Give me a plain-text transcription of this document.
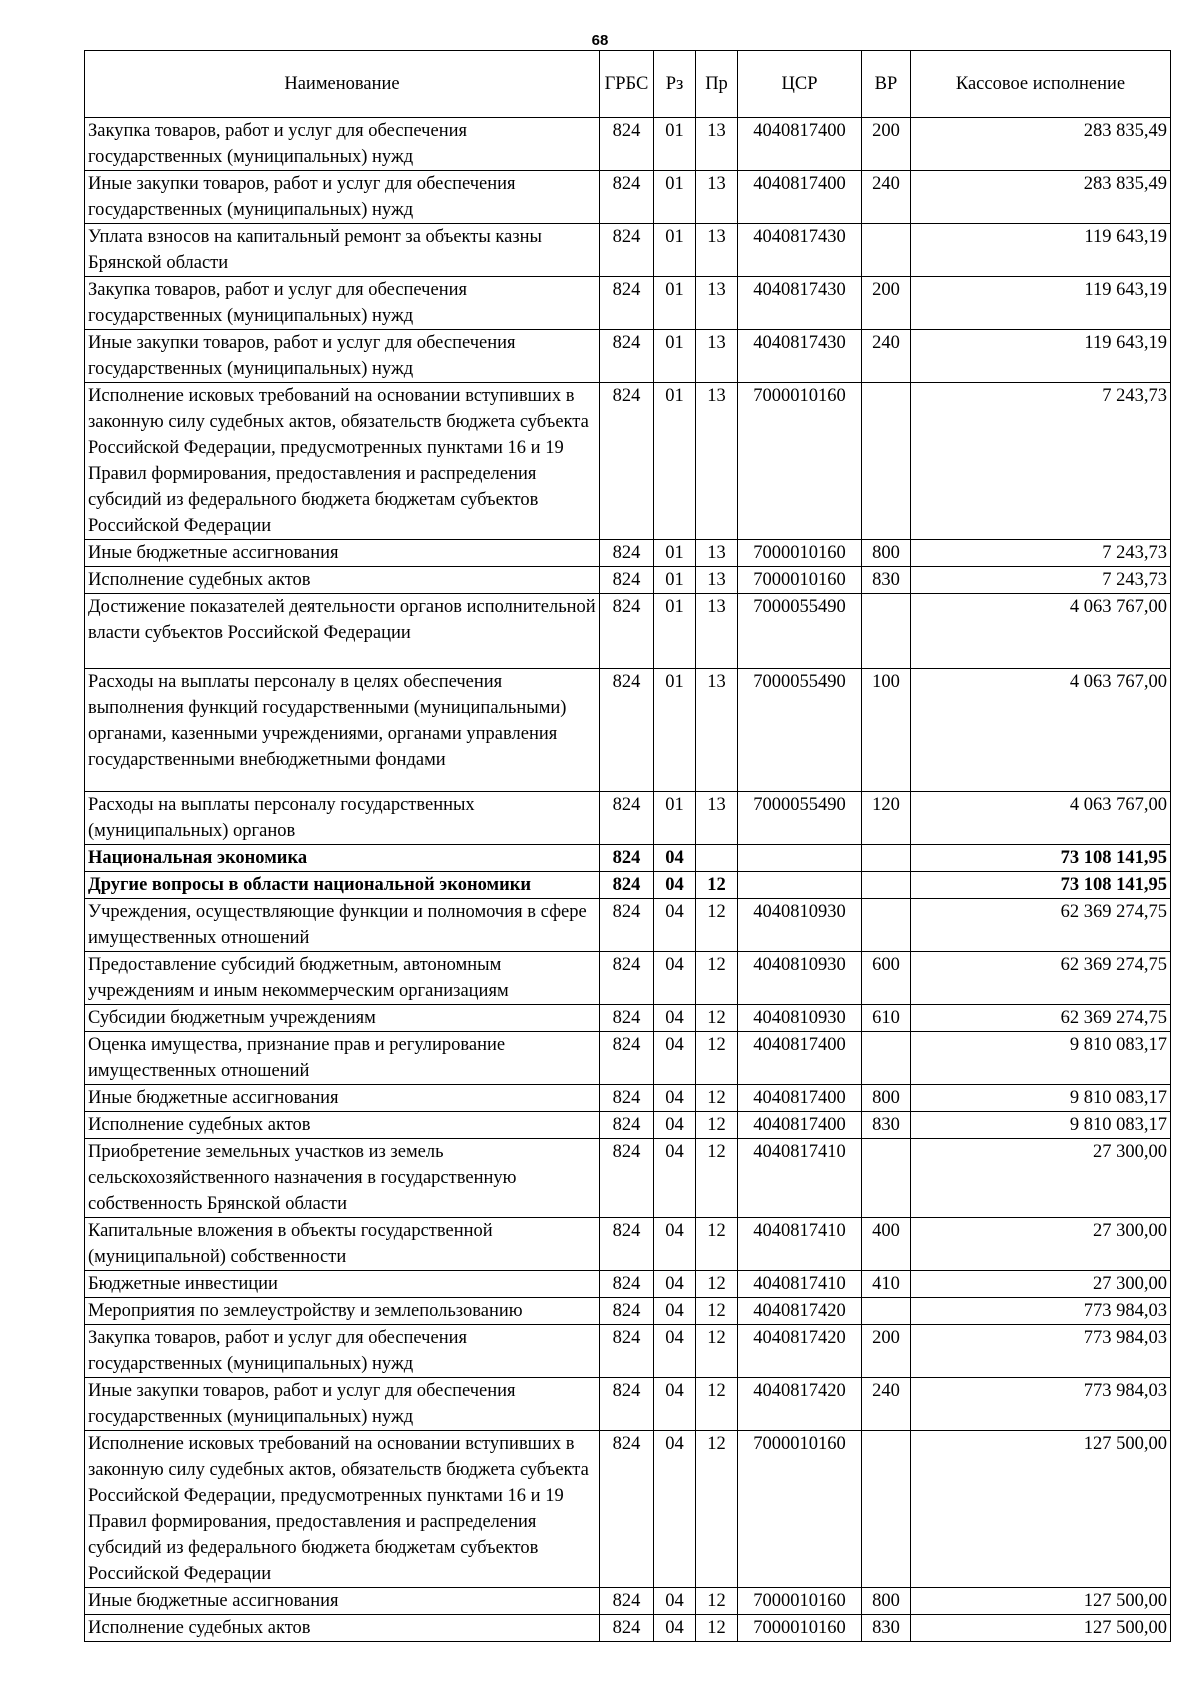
68
Наименование	ГРБС	Рз	Пр	ЦСР	ВР	Кассовое исполнение
Закупка товаров, работ и услуг для обеспечения государственных (муниципальных) нужд	824	01	13	4040817400	200	283 835,49
Иные закупки товаров, работ и услуг для обеспечения государственных (муниципальных) нужд	824	01	13	4040817400	240	283 835,49
Уплата взносов на капитальный ремонт за объекты казны Брянской области	824	01	13	4040817430		119 643,19
Закупка товаров, работ и услуг для обеспечения государственных (муниципальных) нужд	824	01	13	4040817430	200	119 643,19
Иные закупки товаров, работ и услуг для обеспечения государственных (муниципальных) нужд	824	01	13	4040817430	240	119 643,19
Исполнение исковых требований на основании вступивших в законную силу судебных актов, обязательств бюджета субъекта Российской Федерации, предусмотренных пунктами 16 и 19 Правил формирования, предоставления и распределения субсидий из федерального бюджета бюджетам субъектов Российской Федерации	824	01	13	7000010160		7 243,73
Иные бюджетные ассигнования	824	01	13	7000010160	800	7 243,73
Исполнение судебных актов	824	01	13	7000010160	830	7 243,73
Достижение показателей деятельности органов исполнительной власти субъектов Российской Федерации	824	01	13	7000055490		4 063 767,00
Расходы на выплаты персоналу в целях обеспечения выполнения функций государственными (муниципальными) органами, казенными учреждениями, органами управления государственными внебюджетными фондами	824	01	13	7000055490	100	4 063 767,00
Расходы на выплаты персоналу государственных (муниципальных) органов	824	01	13	7000055490	120	4 063 767,00
Национальная экономика	824	04				73 108 141,95
Другие вопросы в области национальной экономики	824	04	12			73 108 141,95
Учреждения, осуществляющие функции и полномочия в сфере имущественных отношений	824	04	12	4040810930		62 369 274,75
Предоставление субсидий бюджетным, автономным учреждениям и иным некоммерческим организациям	824	04	12	4040810930	600	62 369 274,75
Субсидии бюджетным учреждениям	824	04	12	4040810930	610	62 369 274,75
Оценка имущества, признание прав и регулирование имущественных отношений	824	04	12	4040817400		9 810 083,17
Иные бюджетные ассигнования	824	04	12	4040817400	800	9 810 083,17
Исполнение судебных актов	824	04	12	4040817400	830	9 810 083,17
Приобретение земельных участков из земель сельскохозяйственного назначения в государственную собственность Брянской области	824	04	12	4040817410		27 300,00
Капитальные вложения в объекты государственной (муниципальной) собственности	824	04	12	4040817410	400	27 300,00
Бюджетные инвестиции	824	04	12	4040817410	410	27 300,00
Мероприятия по землеустройству и землепользованию	824	04	12	4040817420		773 984,03
Закупка товаров, работ и услуг для обеспечения государственных (муниципальных) нужд	824	04	12	4040817420	200	773 984,03
Иные закупки товаров, работ и услуг для обеспечения государственных (муниципальных) нужд	824	04	12	4040817420	240	773 984,03
Исполнение исковых требований на основании вступивших в законную силу судебных актов, обязательств бюджета субъекта Российской Федерации, предусмотренных пунктами 16 и 19 Правил формирования, предоставления и распределения субсидий из федерального бюджета бюджетам субъектов Российской Федерации	824	04	12	7000010160		127 500,00
Иные бюджетные ассигнования	824	04	12	7000010160	800	127 500,00
Исполнение судебных актов	824	04	12	7000010160	830	127 500,00
